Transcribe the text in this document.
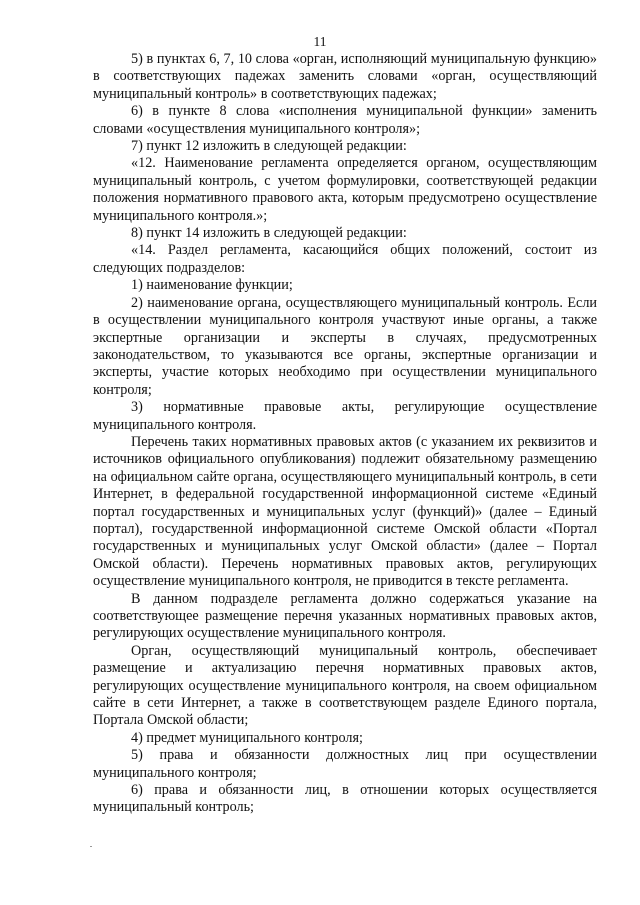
11

5) в пунктах 6, 7, 10 слова «орган, исполняющий муниципальную функцию» в соответствующих падежах заменить словами «орган, осуществляющий муниципальный контроль» в соответствующих падежах;

6) в пункте 8 слова «исполнения муниципальной функции» заменить словами «осуществления муниципального контроля»;

7) пункт 12 изложить в следующей редакции:

«12. Наименование регламента определяется органом, осуществляющим муниципальный контроль, с учетом формулировки, соответствующей редакции положения нормативного правового акта, которым предусмотрено осуществление муниципального контроля.»;

8) пункт 14 изложить в следующей редакции:

«14. Раздел регламента, касающийся общих положений, состоит из следующих подразделов:

1) наименование функции;

2) наименование органа, осуществляющего муниципальный контроль. Если в осуществлении муниципального контроля участвуют иные органы, а также экспертные организации и эксперты в случаях, предусмотренных законодательством, то указываются все органы, экспертные организации и эксперты, участие которых необходимо при осуществлении муниципального контроля;

3) нормативные правовые акты, регулирующие осуществление муниципального контроля.

Перечень таких нормативных правовых актов (с указанием их реквизитов и источников официального опубликования) подлежит обязательному размещению на официальном сайте органа, осуществляющего муниципальный контроль, в сети Интернет, в федеральной государственной информационной системе «Единый портал государственных и муниципальных услуг (функций)» (далее – Единый портал), государственной информационной системе Омской области «Портал государственных и муниципальных услуг Омской области» (далее – Портал Омской области). Перечень нормативных правовых актов, регулирующих осуществление муниципального контроля, не приводится в тексте регламента.

В данном подразделе регламента должно содержаться указание на соответствующее размещение перечня указанных нормативных правовых актов, регулирующих осуществление муниципального контроля.

Орган, осуществляющий муниципальный контроль, обеспечивает размещение и актуализацию перечня нормативных правовых актов, регулирующих осуществление муниципального контроля, на своем официальном сайте в сети Интернет, а также в соответствующем разделе Единого портала, Портала Омской области;

4) предмет муниципального контроля;

5) права и обязанности должностных лиц при осуществлении муниципального контроля;

6) права и обязанности лиц, в отношении которых осуществляется муниципальный контроль;
